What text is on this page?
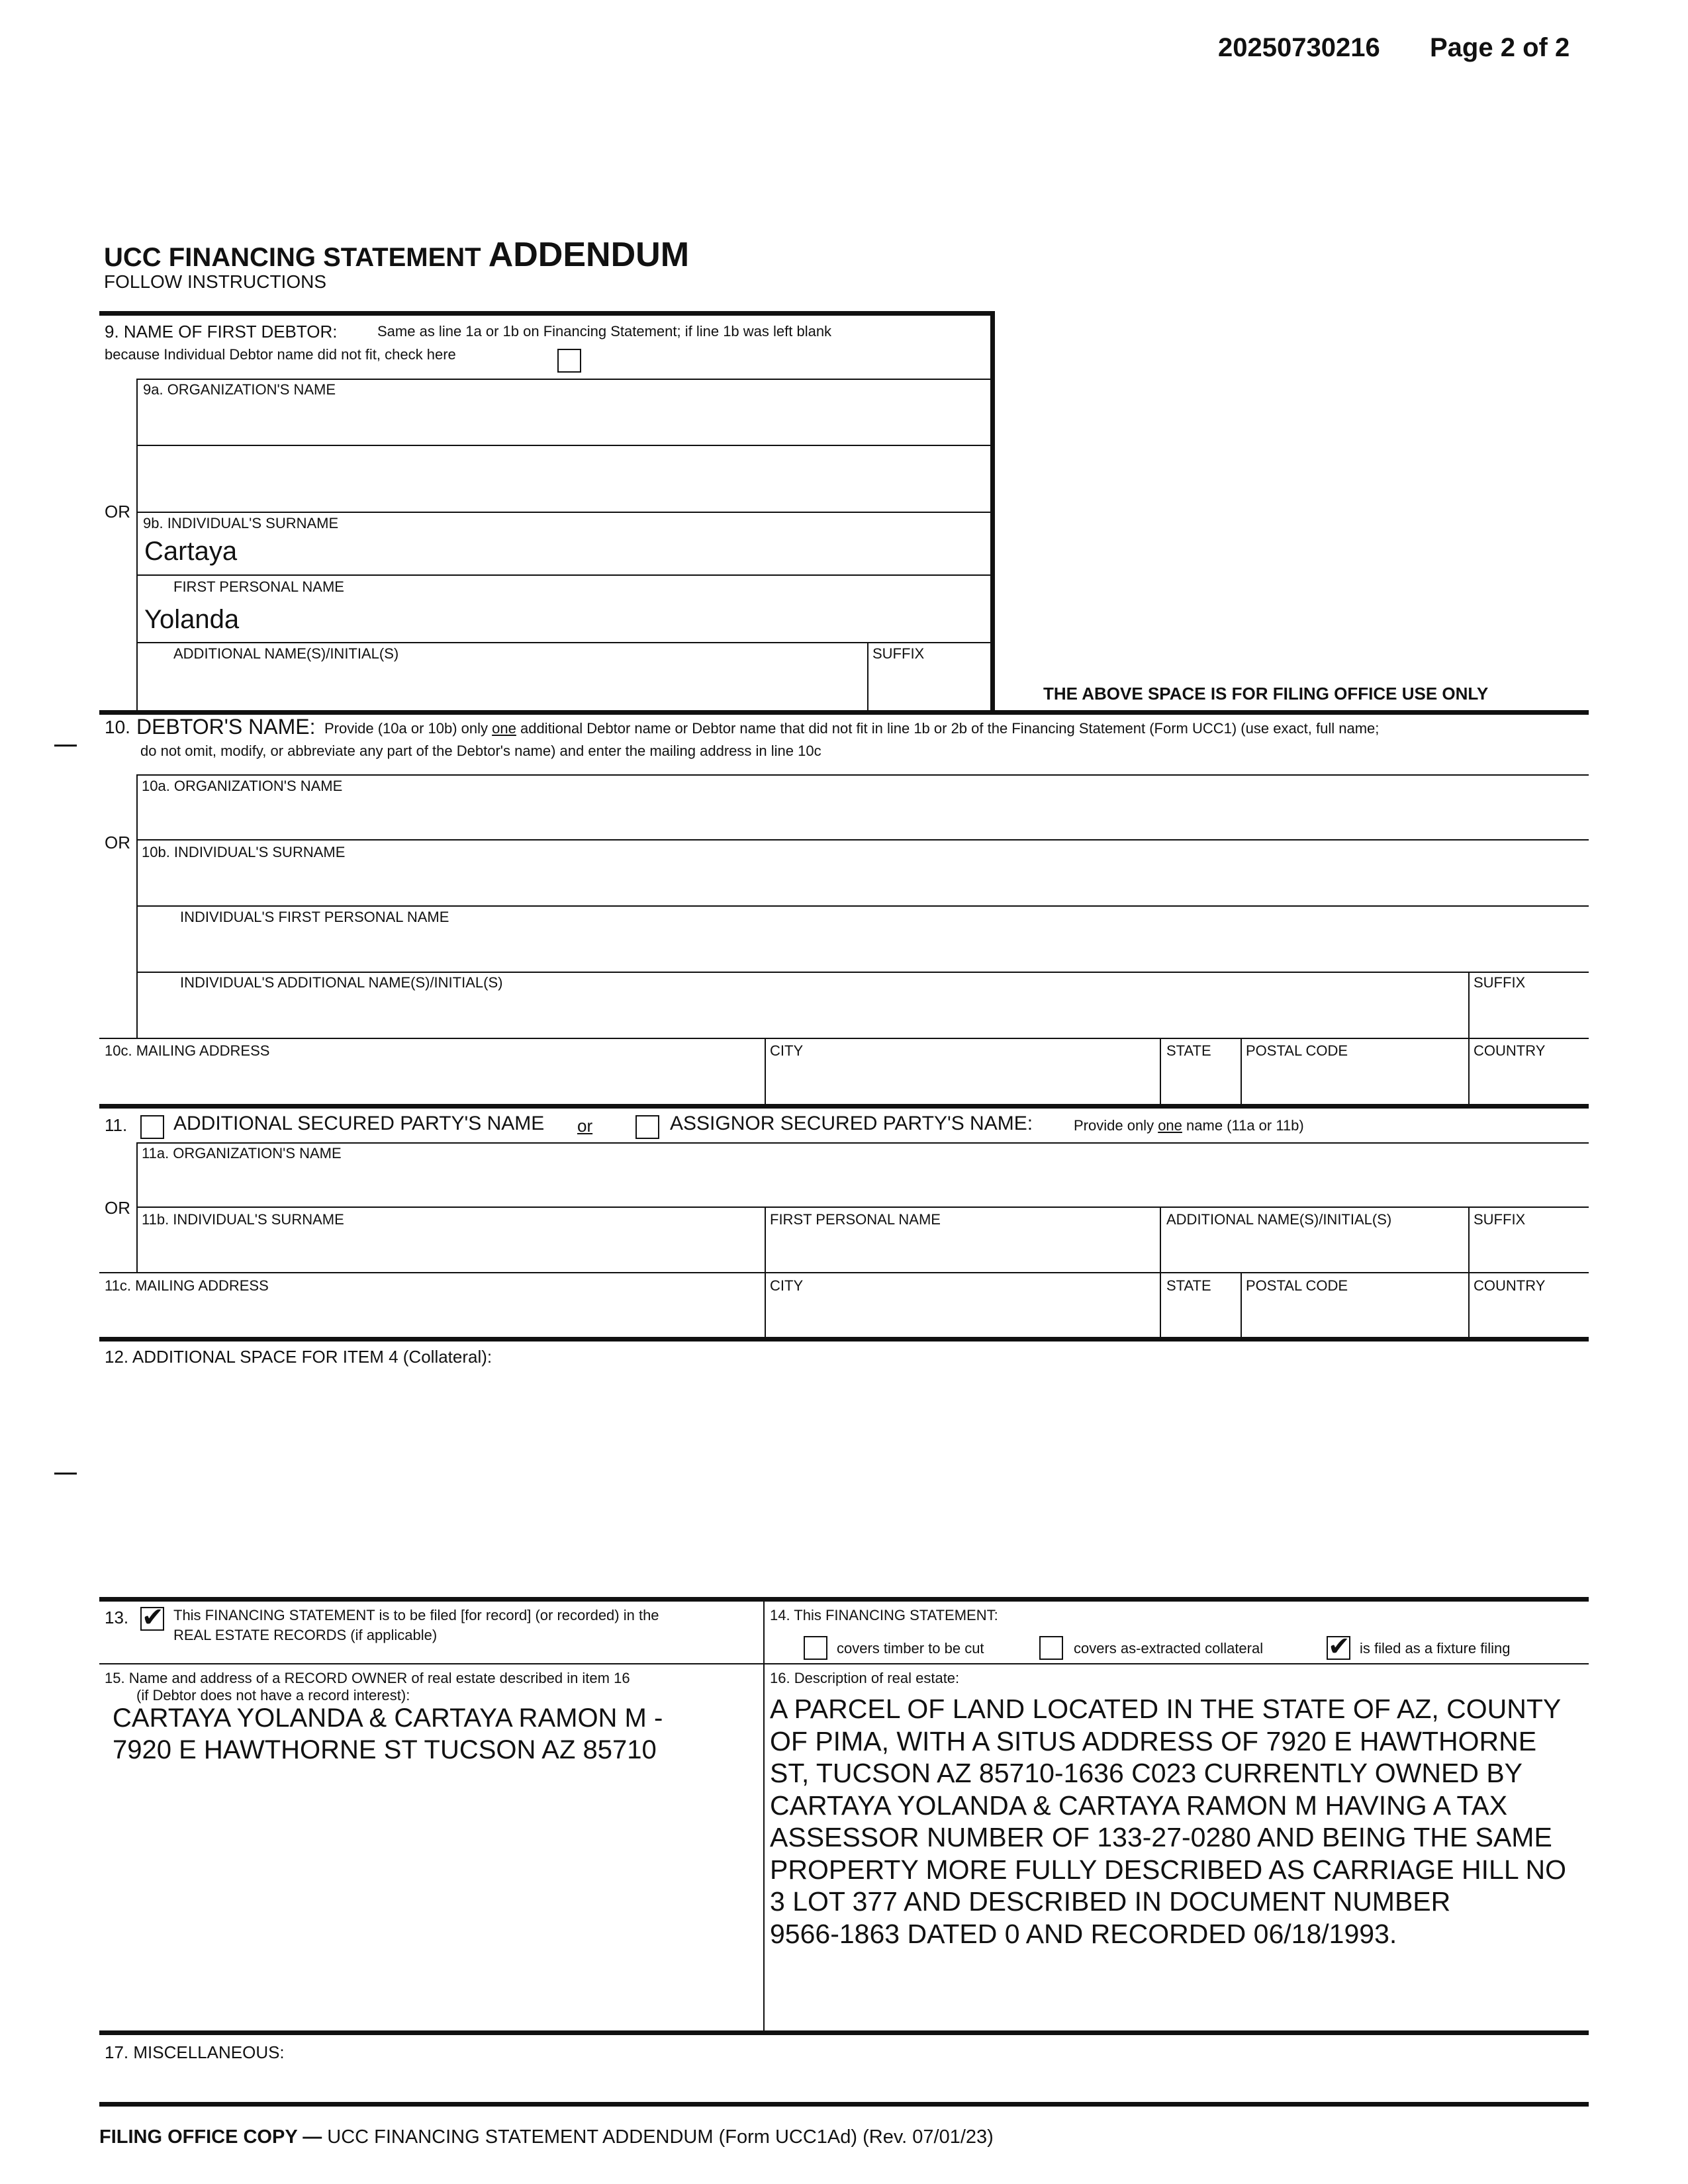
20250730216 Page 2 of 2
UCC FINANCING STATEMENT ADDENDUM
FOLLOW INSTRUCTIONS
9. NAME OF FIRST DEBTOR:	Same as line 1a or 1b on Financing Statement; if line 1b was left blank
because Individual Debtor name did not fit, check here
9a. ORGANIZATION'S NAME
OR
9b. INDIVIDUAL'S SURNAME
Cartaya
FIRST PERSONAL NAME
Yolanda
ADDITIONAL NAME(S)/INITIAL(S)	SUFFIX
THE ABOVE SPACE IS FOR FILING OFFICE USE ONLY
10. DEBTOR'S NAME: Provide (10a or 10b) only one additional Debtor name or Debtor name that did not fit in line 1b or 2b of the Financing Statement (Form UCC1) (use exact, full name;
do not omit, modify, or abbreviate any part of the Debtor's name) and enter the mailing address in line 10c
10a. ORGANIZATION'S NAME
OR 10b. INDIVIDUAL'S SURNAME
INDIVIDUAL'S FIRST PERSONAL NAME
INDIVIDUAL'S ADDITIONAL NAME(S)/INITIAL(S)	SUFFIX
10c. MAILING ADDRESS	CITY	STATE POSTAL CODE	COUNTRY
11. ADDITIONAL SECURED PARTY'S NAME or	ASSIGNOR SECURED PARTY'S NAME:	Provide only one name (11a or 11b)
11a. ORGANIZATION'S NAME
OR
11b. INDIVIDUAL'S SURNAME	FIRST PERSONAL NAME	ADDITIONAL NAME(S)/INITIAL(S)	SUFFIX
11c. MAILING ADDRESS	CITY	STATE POSTAL CODE	COUNTRY
12. ADDITIONAL SPACE FOR ITEM 4 (Collateral):
13. ✔ This FINANCING STATEMENT is to be filed [for record] (or recorded) in the
REAL ESTATE RECORDS (if applicable)
14. This FINANCING STATEMENT:
covers timber to be cut	covers as-extracted collateral ✔ is filed as a fixture filing
15. Name and address of a RECORD OWNER of real estate described in item 16
(if Debtor does not have a record interest):
CARTAYA YOLANDA & CARTAYA RAMON M -
7920 E HAWTHORNE ST TUCSON AZ 85710
16. Description of real estate:
A PARCEL OF LAND LOCATED IN THE STATE OF AZ, COUNTY
OF PIMA, WITH A SITUS ADDRESS OF 7920 E HAWTHORNE
ST, TUCSON AZ 85710-1636 C023 CURRENTLY OWNED BY
CARTAYA YOLANDA & CARTAYA RAMON M HAVING A TAX
ASSESSOR NUMBER OF 133-27-0280 AND BEING THE SAME
PROPERTY MORE FULLY DESCRIBED AS CARRIAGE HILL NO
3 LOT 377 AND DESCRIBED IN DOCUMENT NUMBER
9566-1863 DATED 0 AND RECORDED 06/18/1993.
17. MISCELLANEOUS:
FILING OFFICE COPY — UCC FINANCING STATEMENT ADDENDUM (Form UCC1Ad) (Rev. 07/01/23)
